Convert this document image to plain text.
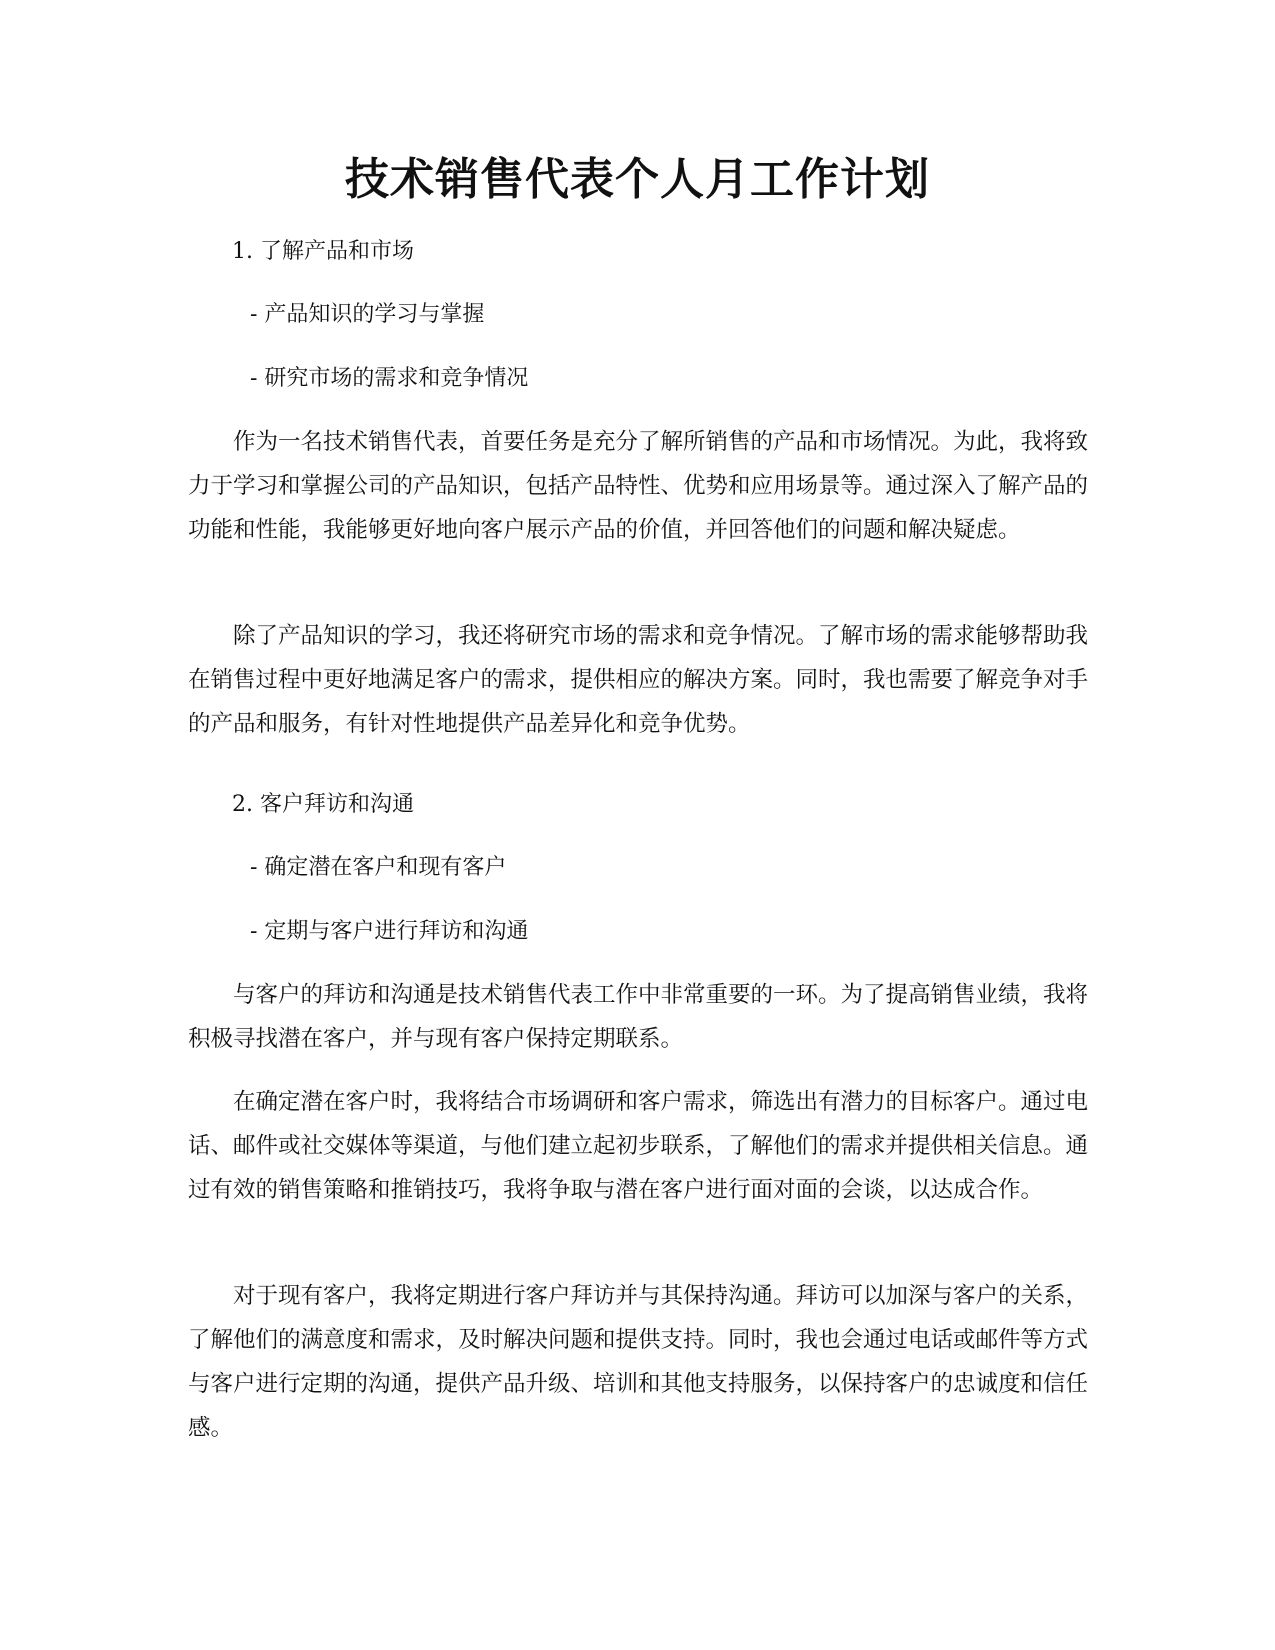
技术销售代表个人月工作计划

1. 了解产品和市场

- 产品知识的学习与掌握

- 研究市场的需求和竞争情况

作为一名技术销售代表，首要任务是充分了解所销售的产品和市场情况。为此，我将致力于学习和掌握公司的产品知识，包括产品特性、优势和应用场景等。通过深入了解产品的功能和性能，我能够更好地向客户展示产品的价值，并回答他们的问题和解决疑虑。

除了产品知识的学习，我还将研究市场的需求和竞争情况。了解市场的需求能够帮助我在销售过程中更好地满足客户的需求，提供相应的解决方案。同时，我也需要了解竞争对手的产品和服务，有针对性地提供产品差异化和竞争优势。

2. 客户拜访和沟通

- 确定潜在客户和现有客户

- 定期与客户进行拜访和沟通

与客户的拜访和沟通是技术销售代表工作中非常重要的一环。为了提高销售业绩，我将积极寻找潜在客户，并与现有客户保持定期联系。

在确定潜在客户时，我将结合市场调研和客户需求，筛选出有潜力的目标客户。通过电话、邮件或社交媒体等渠道，与他们建立起初步联系，了解他们的需求并提供相关信息。通过有效的销售策略和推销技巧，我将争取与潜在客户进行面对面的会谈，以达成合作。

对于现有客户，我将定期进行客户拜访并与其保持沟通。拜访可以加深与客户的关系，了解他们的满意度和需求，及时解决问题和提供支持。同时，我也会通过电话或邮件等方式与客户进行定期的沟通，提供产品升级、培训和其他支持服务，以保持客户的忠诚度和信任感。
